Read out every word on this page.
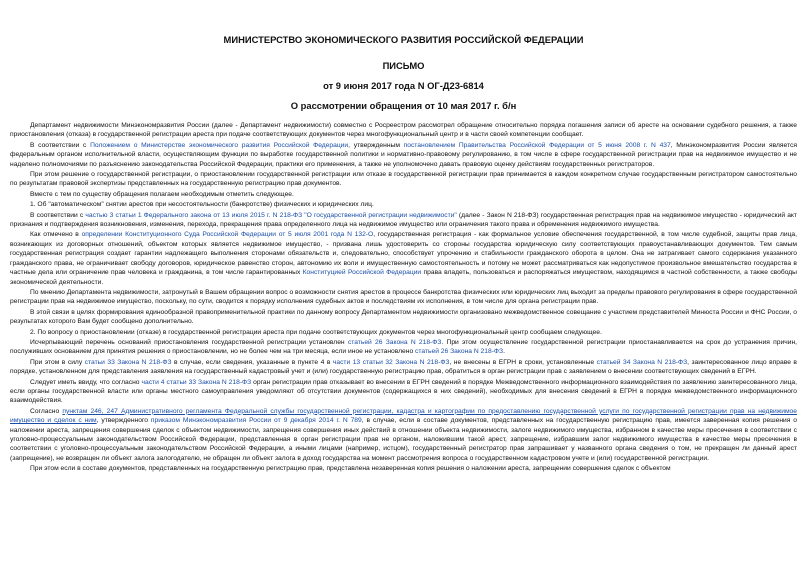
МИНИСТЕРСТВО ЭКОНОМИЧЕСКОГО РАЗВИТИЯ РОССИЙСКОЙ ФЕДЕРАЦИИ
ПИСЬМО
от 9 июня 2017 года N ОГ-Д23-6814
О рассмотрении обращения от 10 мая 2017 г. б/н

Департамент недвижимости Минэкономразвития России (далее - Департамент недвижимости) совместно с Росреестром рассмотрел обращение относительно порядка погашения записи об аресте на основании судебного решения, а также приостановления (отказа) в государственной регистрации ареста при подаче соответствующих документов через многофункциональный центр и в части своей компетенции сообщает.

В соответствии с Положением о Министерстве экономического развития Российской Федерации, утвержденным постановлением Правительства Российской Федерации от 5 июня 2008 г. N 437, Минэкономразвития России является федеральным органом исполнительной власти, осуществляющим функции по выработке государственной политики и нормативно-правовому регулированию, в том числе в сфере государственной регистрации прав на недвижимое имущество и не наделено полномочиями по разъяснению законодательства Российской Федерации, практики его применения, а также не уполномочено давать правовую оценку действиям государственных регистраторов.

При этом решение о государственной регистрации, о приостановлении государственной регистрации или отказе в государственной регистрации прав принимается в каждом конкретном случае государственным регистратором самостоятельно по результатам правовой экспертизы представленных на государственную регистрацию прав документов.

Вместе с тем по существу обращения полагаем необходимым отметить следующее.

1. Об "автоматическом" снятии арестов при несостоятельности (банкротстве) физических и юридических лиц.

В соответствии с частью 3 статьи 1 Федерального закона от 13 июля 2015 г. N 218-ФЗ "О государственной регистрации недвижимости" (далее - Закон N 218-ФЗ) государственная регистрация прав на недвижимое имущество - юридический акт признания и подтверждения возникновения, изменения, перехода, прекращения права определенного лица на недвижимое имущество или ограничения такого права и обременения недвижимого имущества.

Как отмечено в определении Конституционного Суда Российской Федерации от 5 июля 2001 года N 132-О, государственная регистрация - как формальное условие обеспечения государственной, в том числе судебной, защиты прав лица, возникающих из договорных отношений, объектом которых является недвижимое имущество, - призвана лишь удостоверить со стороны государства юридическую силу соответствующих правоустанавливающих документов. Тем самым государственная регистрация создает гарантии надлежащего выполнения сторонами обязательств и, следовательно, способствует упрочению и стабильности гражданского оборота в целом. Она не затрагивает самого содержания указанного гражданского права, не ограничивает свободу договоров, юридическое равенство сторон, автономию их воли и имущественную самостоятельность и потому не может рассматриваться как недопустимое произвольное вмешательство государства в частные дела или ограничение прав человека и гражданина, в том числе гарантированных Конституцией Российской Федерации права владеть, пользоваться и распоряжаться имуществом, находящимся в частной собственности, а также свободы экономической деятельности.

По мнению Департамента недвижимости, затронутый в Вашем обращении вопрос о возможности снятия арестов в процессе банкротства физических или юридических лиц выходит за пределы правового регулирования в сфере государственной регистрации прав на недвижимое имущество, поскольку, по сути, сводится к порядку исполнения судебных актов и последствиям их исполнения, в том числе для органа регистрации прав.

В этой связи в целях формирования единообразной правоприменительной практики по данному вопросу Департаментом недвижимости организовано межведомственное совещание с участием представителей Минюста России и ФНС России, о результатах которого Вам будет сообщено дополнительно.

2. По вопросу о приостановлении (отказе) в государственной регистрации ареста при подаче соответствующих документов через многофункциональный центр сообщаем следующее.

Исчерпывающий перечень оснований приостановления государственной регистрации установлен статьей 26 Закона N 218-ФЗ. При этом осуществление государственной регистрации приостанавливается на срок до устранения причин, послуживших основанием для принятия решения о приостановлении, но не более чем на три месяца, если иное не установлено статьей 26 Закона N 218-ФЗ.

При этом в силу статьи 33 Закона N 218-ФЗ в случае, если сведения, указанные в пункте 4 в части 13 статьи 32 Закона N 218-ФЗ, не внесены в ЕГРН в сроки, установленные статьей 34 Закона N 218-ФЗ, заинтересованное лицо вправе в порядке, установленном для представления заявления на государственный кадастровый учет и (или) государственную регистрацию прав, обратиться в орган регистрации прав с заявлением о внесении соответствующих сведений в ЕГРН.

Следует иметь ввиду, что согласно части 4 статьи 33 Закона N 218-ФЗ орган регистрации прав отказывает во внесении в ЕГРН сведений в порядке Межведомственного информационного взаимодействия по заявлению заинтересованного лица, если органы государственной власти или органы местного самоуправления уведомляют об отсутствии документов (содержащихся в них сведений), необходимых для внесения сведений в ЕГРН в порядке межведомственного информационного взаимодействия.

Согласно пунктам 246, 247 Административного регламента Федеральной службы государственной регистрации, кадастра и картографии по предоставлению государственной услуги по государственной регистрации прав на недвижимое имущество и сделок с ним, утвержденного приказом Минэкономразвития России от 9 декабря 2014 г. N 789, в случае, если в составе документов, представленных на государственную регистрацию прав, имеется заверенная копия решения о наложении ареста, запрещения совершения сделок с объектом недвижимости, запрещения совершения иных действий в отношении объекта недвижимости, залоге недвижимого имущества, избранном в качестве меры пресечения в соответствии с уголовно-процессуальным законодательством Российской Федерации, представленная в орган регистрации прав не органом, наложившим такой арест, запрещение, избравшим залог недвижимого имущества в качестве меры пресечения в соответствии с уголовно-процессуальным законодательством Российской Федерации, а иными лицами (например, истцом), государственный регистратор прав запрашивает у названного органа сведения о том, не прекращен ли данный арест (запрещение), не возвращен ли объект залога залогодателю, не обращен ли объект залога в доход государства на момент рассмотрения вопроса о государственном кадастровом учете и (или) государственной регистрации.

При этом если в составе документов, представленных на государственную регистрацию прав, представлена незаверенная копия решения о наложении ареста, запрещении совершения сделок с объектом
